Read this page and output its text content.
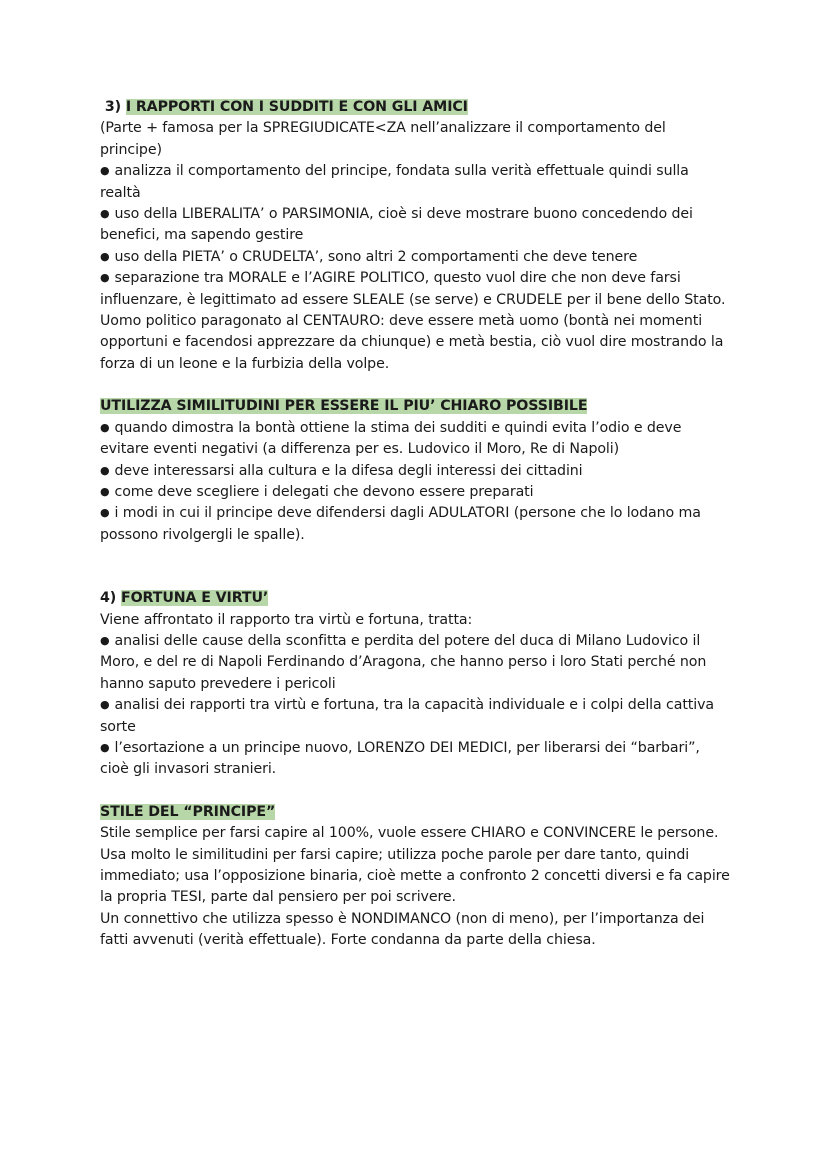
3) I RAPPORTI CON I SUDDITI E CON GLI AMICI

(Parte + famosa per la SPREGIUDICATE<ZA nell’analizzare il comportamento del principe)

● analizza il comportamento del principe, fondata sulla verità effettuale quindi sulla realtà

● uso della LIBERALITA’ o PARSIMONIA, cioè si deve mostrare buono concedendo dei benefici, ma sapendo gestire

● uso della PIETA’ o CRUDELTA’, sono altri 2 comportamenti che deve tenere

● separazione tra MORALE e l’AGIRE POLITICO, questo vuol dire che non deve farsi influenzare, è legittimato ad essere SLEALE (se serve) e CRUDELE per il bene dello Stato. Uomo politico paragonato al CENTAURO: deve essere metà uomo (bontà nei momenti opportuni e facendosi apprezzare da chiunque) e metà bestia, ciò vuol dire mostrando la forza di un leone e la furbizia della volpe.

UTILIZZA SIMILITUDINI PER ESSERE IL PIU’ CHIARO POSSIBILE

● quando dimostra la bontà ottiene la stima dei sudditi e quindi evita l’odio e deve evitare eventi negativi (a differenza per es. Ludovico il Moro, Re di Napoli)

● deve interessarsi alla cultura e la difesa degli interessi dei cittadini

● come deve scegliere i delegati che devono essere preparati

● i modi in cui il principe deve difendersi dagli ADULATORI (persone che lo lodano ma possono rivolgergli le spalle).

4) FORTUNA E VIRTU’

Viene affrontato il rapporto tra virtù e fortuna, tratta:

● analisi delle cause della sconfitta e perdita del potere del duca di Milano Ludovico il Moro, e del re di Napoli Ferdinando d’Aragona, che hanno perso i loro Stati perché non hanno saputo prevedere i pericoli

● analisi dei rapporti tra virtù e fortuna, tra la capacità individuale e i colpi della cattiva sorte

● l’esortazione a un principe nuovo, LORENZO DEI MEDICI, per liberarsi dei “barbari”, cioè gli invasori stranieri.

STILE DEL “PRINCIPE”

Stile semplice per farsi capire al 100%, vuole essere CHIARO e CONVINCERE le persone.

Usa molto le similitudini per farsi capire; utilizza poche parole per dare tanto, quindi immediato; usa l’opposizione binaria, cioè mette a confronto 2 concetti diversi e fa capire la propria TESI, parte dal pensiero per poi scrivere.

Un connettivo che utilizza spesso è NONDIMANCO (non di meno), per l’importanza dei fatti avvenuti (verità effettuale). Forte condanna da parte della chiesa.
